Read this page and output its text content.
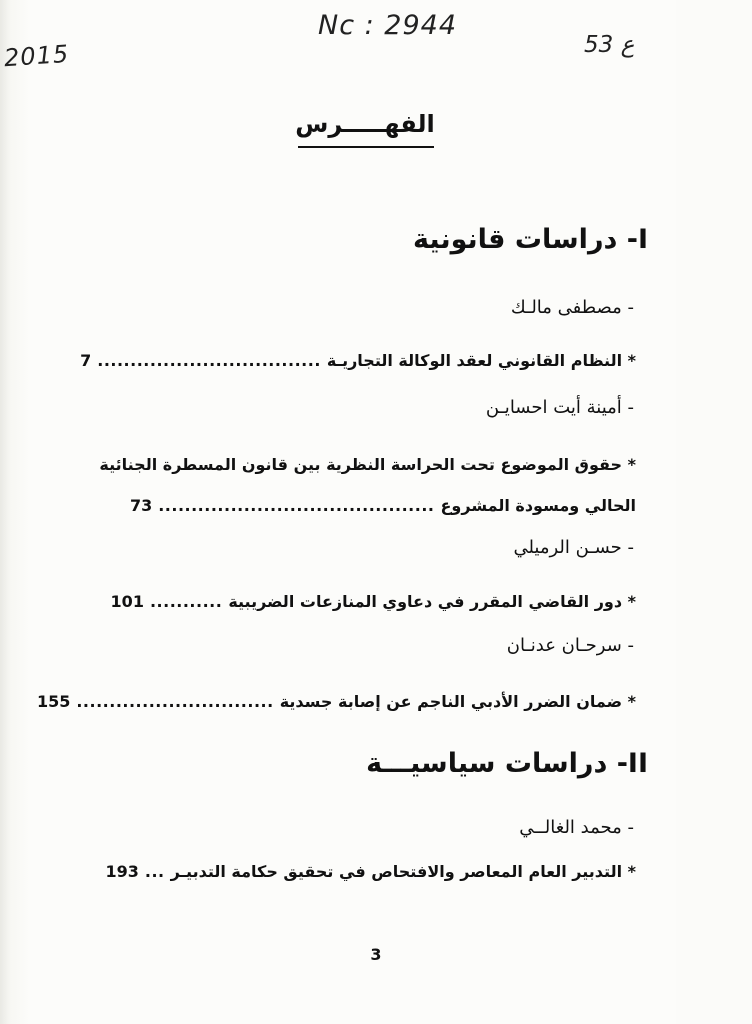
Nc : 2944
2015	53 ع
الفهـــــرس
I- دراسات قانونية
- مصطفى مالـك
* النظام القانوني لعقد الوكالة التجاريـة
..................................
7
- أمينة أيت احسايـن
* حقوق الموضوع تحت الحراسة النظرية بين قانون المسطرة الجنائية
الحالي ومسودة المشروع
..........................................
73
- حسـن الرميلي
* دور القاضي المقرر في دعاوي المنازعات الضريبية
...........
101
- سرحـان عدنـان
* ضمان الضرر الأدبي الناجم عن إصابة جسدية
..............................
155
II- دراسات سياسيـــة
- محمد الغالــي
* التدبير العام المعاصر والافتحاص في تحقيق حكامة التدبيـر
...
193
3
